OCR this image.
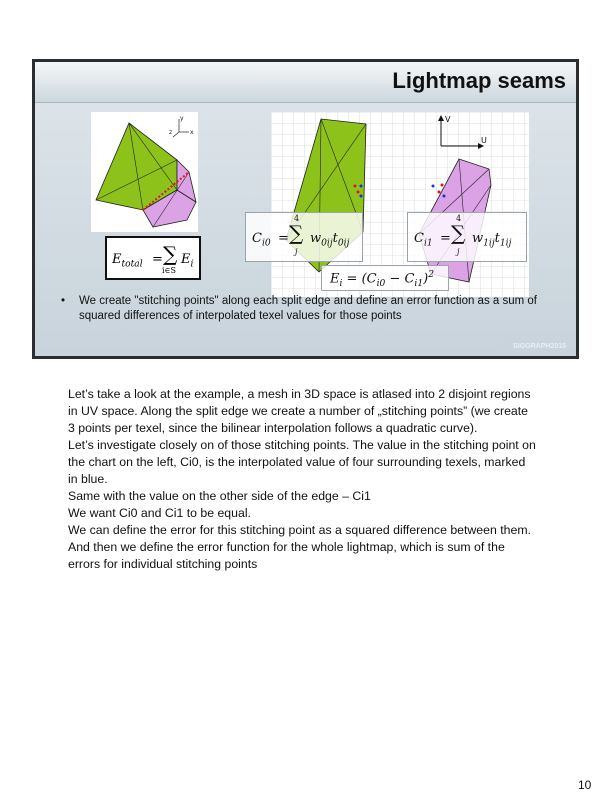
Lightmap seams
y
z	x
$E_{total}$ = ∑
i∈S
$E_i$
V
U
$C_{i0}$ =
4
∑
j
$w_{0ij}t_{0ij}$	$C_{i1}$ =
4
∑
j
$w_{1ij}t_{1ij}$
$E_i = (C_{i0} - C_{i1})^2$
• We create "stitching points" along each split edge and define an error function as a sum of squared differences of interpolated texel values for those points
SIGGRAPH2015

Let’s take a look at the example, a mesh in 3D space is atlased into 2 disjoint regions in UV space. Along the split edge we create a number of „stitching points” (we create 3 points per texel, since the bilinear interpolation follows a quadratic curve).

Let’s investigate closely on of those stitching points. The value in the stitching point on the chart on the left, Ci0, is the interpolated value of four surrounding texels, marked in blue.

Same with the value on the other side of the edge – Ci1

We want Ci0 and Ci1 to be equal.

We can define the error for this stitching point as a squared difference between them.

And then we define the error function for the whole lightmap, which is sum of the errors for individual stitching points

10
